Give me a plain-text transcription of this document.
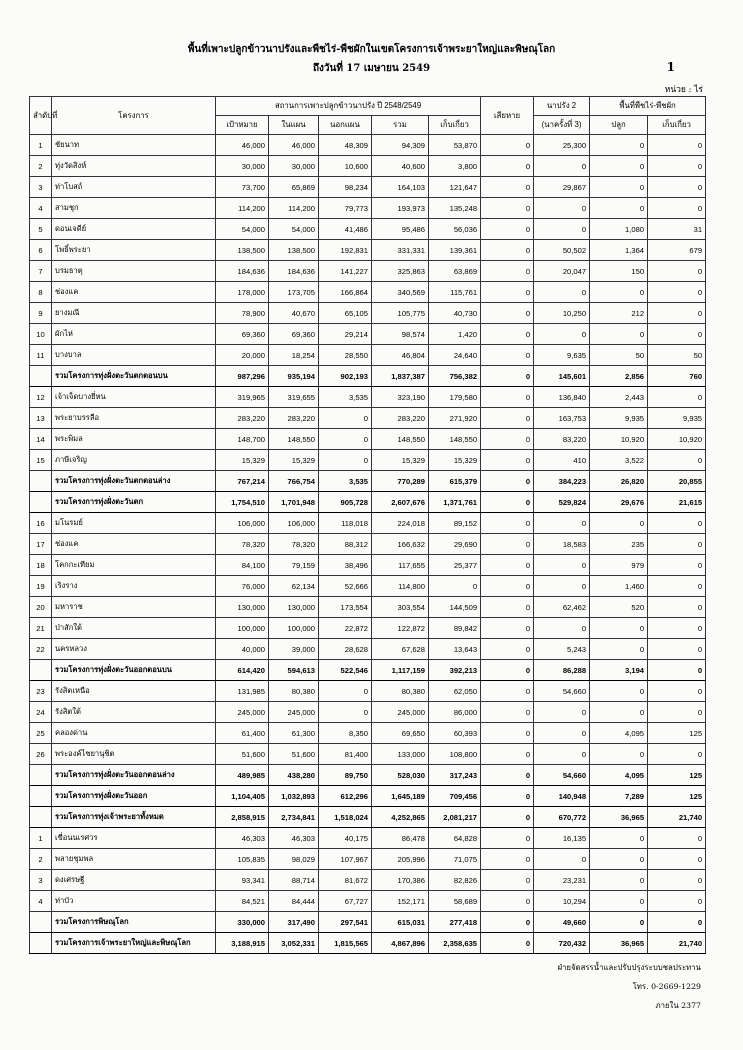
พื้นที่เพาะปลูกข้าวนาปรังและพืชไร่-พืชผักในเขตโครงการเจ้าพระยาใหญ่และพิษณุโลก
ถึงวันที่ 17 เมษายน 2549	1
หน่วย : ไร่
ลำดับที่	โครงการ	สถานการเพาะปลูกข้าวนาปรัง ปี 2548/2549					เสียหาย	นาปรัง 2	พื้นที่พืชไร่-พืชผัก	
		เป้าหมาย	ในแผน	นอกแผน	รวม	เก็บเกี่ยว		(นาครั้งที่ 3)	ปลูก	เก็บเกี่ยว
1	ชัยนาท	46,000	46,000	48,309	94,309	53,870	0	25,300	0	0
2	ทุ่งวัดสิงห์	30,000	30,000	10,600	40,600	3,800	0	0	0	0
3	ท่าโบสถ์	73,700	65,869	98,234	164,103	121,647	0	29,867	0	0
4	สามชุก	114,200	114,200	79,773	193,973	135,248	0	0	0	0
5	ดอนเจดีย์	54,000	54,000	41,486	95,486	56,036	0	0	1,080	31
6	โพธิ์พระยา	138,500	138,500	192,831	331,331	139,361	0	50,502	1,364	679
7	บรมธาตุ	184,636	184,636	141,227	325,863	63,869	0	20,047	150	0
8	ช่องแค	178,000	173,705	166,864	340,569	115,761	0	0	0	0
9	ยางมณี	78,900	40,670	65,105	105,775	40,730	0	10,250	212	0
10	ผักไห่	69,360	69,360	29,214	98,574	1,420	0	0	0	0
11	บางบาล	20,000	18,254	28,550	46,804	24,640	0	9,635	50	50
	รวมโครงการทุ่งฝั่งตะวันตกตอนบน	987,296	935,194	902,193	1,837,387	756,382	0	145,601	2,856	760
12	เจ้าเจ็ดบางยี่หน	319,965	319,655	3,535	323,190	179,580	0	136,840	2,443	0
13	พระยาบรรลือ	283,220	283,220	0	283,220	271,920	0	163,753	9,935	9,935
14	พระพิมล	148,700	148,550	0	148,550	148,550	0	83,220	10,920	10,920
15	ภาษีเจริญ	15,329	15,329	0	15,329	15,329	0	410	3,522	0
	รวมโครงการทุ่งฝั่งตะวันตกตอนล่าง	767,214	766,754	3,535	770,289	615,379	0	384,223	26,820	20,855
	รวมโครงการทุ่งฝั่งตะวันตก	1,754,510	1,701,948	905,728	2,607,676	1,371,761	0	529,824	29,676	21,615
16	มโนรมย์	106,000	106,000	118,018	224,018	89,152	0	0	0	0
17	ช่องแค	78,320	78,320	88,312	166,632	29,690	0	18,583	235	0
18	โคกกะเทียม	84,100	79,159	38,496	117,655	25,377	0	0	979	0
19	เริงราง	76,000	62,134	52,666	114,800	0	0	0	1,460	0
20	มหาราช	130,000	130,000	173,554	303,554	144,509	0	62,462	520	0
21	ป่าสักใต้	100,000	100,000	22,872	122,872	89,842	0	0	0	0
22	นครหลวง	40,000	39,000	28,628	67,628	13,643	0	5,243	0	0
	รวมโครงการทุ่งฝั่งตะวันออกตอนบน	614,420	594,613	522,546	1,117,159	392,213	0	86,288	3,194	0
23	รังสิตเหนือ	131,985	80,380	0	80,380	62,050	0	54,660	0	0
24	รังสิตใต้	245,000	245,000	0	245,000	86,000	0	0	0	0
25	คลองด่าน	61,400	61,300	8,350	69,650	60,393	0	0	4,095	125
26	พระองค์ไชยานุชิต	51,600	51,600	81,400	133,000	108,800	0	0	0	0
	รวมโครงการทุ่งฝั่งตะวันออกตอนล่าง	489,985	438,280	89,750	528,030	317,243	0	54,660	4,095	125
	รวมโครงการทุ่งฝั่งตะวันออก	1,104,405	1,032,893	612,296	1,645,189	709,456	0	140,948	7,289	125
	รวมโครงการทุ่งเจ้าพระยาทั้งหมด	2,858,915	2,734,841	1,518,024	4,252,865	2,081,217	0	670,772	36,965	21,740
1	เขื่อนนเรศวร	46,303	46,303	40,175	86,478	64,828	0	16,135	0	0
2	พลายชุมพล	105,835	98,029	107,967	205,996	71,075	0	0	0	0
3	ดงเศรษฐี	93,341	88,714	81,672	170,386	82,826	0	23,231	0	0
4	ท่าบัว	84,521	84,444	67,727	152,171	58,689	0	10,294	0	0
	รวมโครงการพิษณุโลก	330,000	317,490	297,541	615,031	277,418	0	49,660	0	0
	รวมโครงการเจ้าพระยาใหญ่และพิษณุโลก	3,188,915	3,052,331	1,815,565	4,867,896	2,358,635	0	720,432	36,965	21,740
ฝ่ายจัดสรรน้ำและปรับปรุงระบบชลประทาน
โทร. 0-2669-1229
ภายใน 2377
